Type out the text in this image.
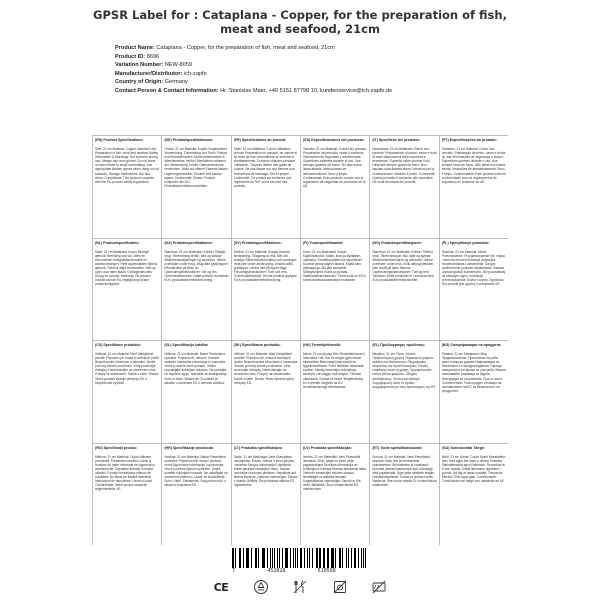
GPSR Label for : Cataplana - Copper, for the preparation of fish,
meat and seafood, 21cm
Product Name: Cataplana - Copper, for the preparation of fish, meat and seafood, 21cm
Product ID: 8696
Variation Number: NEW-8059
Manufacturer/Distributor: ich-zapfe
Country of Origin: Germany
Contact Person & Contact Information: Hr. Stanislav Maer, +49 5151 87798 10, kundenservice@ich-zapfe.de
(EN) Product Specifications:
Size: 21 cm Material: Copper Intended Use: Preparation of fish, meat and seafood Safety Information & Warnings: Hot surfaces during use. Always use oven gloves. Do not leave on open flame to avoid overheating. Use appropriate kitchen gloves when using on hot surfaces. Storage Instructions: Dry and clean. Compliance: This product complies with the EU product safety regulations.
(DE) Produktspezifikationen:
Größe: 21 cm Material: Kupfer Vorgesehene Verwendung: Zubereitung von Fisch, Fleisch und Meeresfrüchten Sicherheitshinweise & Warnhinweise: Heiße Oberflächen während der Verwendung. Immer Ofenhandschuhe verwenden. Nicht auf offener Flamme lassen. Lagerungshinweise: Trocken und sauber lagern. Konformität: Dieses Produkt entspricht den EU-Produktsicherheitsvorschriften.
(FR) Spécifications du produit:
Taille: 21 cm Matériau: Cuivre Utilisation prévue: Préparation de poisson, de viande et de fruits de mer Informations de sécurité et avertissements: Surfaces chaudes pendant l'utilisation. Toujours utiliser des gants de cuisine. Ne pas laisser sur une flamme nue. Instructions de stockage: Sec et propre. Conformité: Ce produit est conforme aux règlements de l'UE sur la sécurité des produits.
(ES) Especificaciones del producto:
Tamaño: 21 cm Material: Cobre Uso previsto: Preparación de pescado, carne y mariscos Información de seguridad y advertencias: Superficies calientes durante el uso. Use siempre guantes de horno. No deje sobre llama abierta. Instrucciones de almacenamiento: Seco y limpio. Conformidad: Este producto cumple con el reglamento de seguridad de productos de la UE.
(IT) Specifiche del prodotto:
Dimensioni: 21 cm Materiale: Rame Uso previsto: Preparazione di pesce, carne e frutti di mare Informazioni sulla sicurezza e avvertenze: Superfici calde durante l'uso. Utilizzare sempre guanti da forno. Non lasciare sulla fiamma libera. Istruzioni per la conservazione: Asciutto e pulito. Conformità: Questo prodotto è conforme alle normative UE sulla sicurezza dei prodotti.
(PT) Especificações do produto:
Tamanho: 21 cm Material: Cobre Uso previsto: Preparação de peixe, carne e frutos do mar Informações de segurança e avisos: Superfícies quentes durante o uso. Use sempre luvas de forno. Não deixe em chama aberta. Instruções de armazenamento: Seco e limpo. Conformidade: Este produto está em conformidade com os regulamentos de segurança de produtos da UE.
(NL) Productspecificaties:
Maat: 21 cm Materiaal: Koper Beoogd gebruik: Bereiding van vis, vlees en zeevruchten Veiligheidsinformatie en waarschuwingen: Hete oppervlakken tijdens gebruik. Gebruik altijd ovenwanten. Niet op open vuur laten staan. Opslaginstructies: Droog en schoon. Naleving: Dit product voldoet aan de EU-regelgeving inzake productveiligheid.
(DA) Produktspecifikationer:
Størrelse: 21 cm Materiale: Kobber Tilsigtet brug: Tilberedning af fisk, kød og skaldyr Sikkerhedsoplysninger og advarsler: Varme overflader under brug. Brug altid grydelapper. Efterlad ikke på åben ild. Opbevaringsinstruktioner: Tør og ren. Overensstemmelse: Dette produkt overholder EU's produktsikkerhedsforordning.
(SV) Produktspecifikationer:
Storlek: 21 cm Material: Koppar Avsedd användning: Tillagning av fisk, kött och skaldjur Säkerhetsinformation och varningar: Heta ytor under användning. Använd alltid grytlappar. Lämna inte på öppen låga. Förvaringsinstruktioner: Torrt och rent. Överensstämmelse: Denna produkt uppfyller EU:s produktsäkerhetsförordning.
(FI) Tuotespesifikaatiot:
Koko: 21 cm Materiaali: Kupari Käyttötarkoitus: Kalan, lihan ja äyriäisten valmistus Turvallisuustiedot ja varoitukset: Kuumat pinnat käytön aikana. Käytä aina patalappuja. Älä jätä avotulelle. Säilytysohjeet: Kuiva ja puhdas. Vaatimustenmukaisuus: Tämä tuote on EU:n tuoteturvallisuusasetuksen mukainen.
(NO) Produktspesifikasjoner:
Størrelse: 21 cm Materiale: Kobber Tiltenkt bruk: Tilberedning av fisk, kjøtt og sjømat Sikkerhetsinformasjon og advarsler: Varme overflater under bruk. Bruk alltid grytekluter. Ikke la stå på åpen flamme. Oppbevaringsinstruksjoner: Tørt og rent. Samsvar: Dette produktet er i samsvar med EUs produktsikkerhetsforskrifter.
(PL) Specyfikacje produktu:
Rozmiar: 21 cm Materiał: Miedź Przeznaczenie: Przygotowywanie ryb, mięsa i owoców morza Informacje dotyczące bezpieczeństwa i ostrzeżenia: Gorące powierzchnie podczas użytkowania. Zawsze używaj rękawic kuchennych. Nie pozostawiaj na otwartym ogniu. Instrukcje przechowywania: Sucho i czysto. Zgodność: Ten produkt jest zgodny z przepisami UE.
(CS) Specifikace produktu:
Velikost: 21 cm Materiál: Měď Zamýšlené použití: Příprava ryb, masa a mořských plodů Bezpečnostní informace a varování: Horké povrchy během používání. Vždy používejte chňapky. Nenechávejte na otevřeném ohni. Pokyny ke skladování: Suché a čisté. Shoda: Tento výrobek splňuje předpisy EU o bezpečnosti výrobků.
(SL) Specifikacije izdelka:
Velikost: 21 cm Material: Baker Predvidena uporaba: Priprava rib, mesa in morskih sadežev Varnostne informacije in opozorila: Vroče površine med uporabo. Vedno uporabljajte kuhinjske rokavice. Ne puščajte na odprtem ognju. Navodila za shranjevanje: Suho in čisto. Skladnost: Ta izdelek je skladen z uredbami EU o varnosti izdelkov.
(SK) Špecifikácie produktu:
Veľkosť: 21 cm Materiál: Meď Zamýšľané použitie: Príprava rýb, mäsa a morských plodov Bezpečnostné informácie a varovania: Horúce povrchy počas používania. Vždy používajte chňapky. Nenechávajte na otvorenom ohni. Pokyny na skladovanie: Suché a čisté. Zhoda: Tento výrobok spĺňa predpisy EÚ.
(HU) Termékjellemzők:
Méret: 21 cm Anyag: Réz Rendeltetésszerű használat: Hal, hús és tenger gyümölcsei elkészítése Biztonsági információk és figyelmeztetések: Forró felületek használat közben. Mindig használjon edényfogó kesztyűt. Ne hagyja nyílt lángon. Tárolási utasítások: Száraz és tiszta. Megfelelőség: Ez a termék megfelel az EU termékbiztonsági előírásainak.
(EL) Προδιαγραφές προϊόντος:
Μέγεθος: 21 cm Υλικό: Χαλκός Προβλεπόμενη χρήση: Παρασκευή ψαριών, κρέατος και θαλασσινών Πληροφορίες ασφαλείας και προειδοποιήσεις: Καυτές επιφάνειες κατά τη χρήση. Χρησιμοποιείτε πάντα γάντια φούρνου. Οδηγίες αποθήκευσης: Στεγνό και καθαρό. Συμμόρφωση: Αυτό το προϊόν συμμορφώνεται με τους κανονισμούς της ΕΕ.
(BG) Спецификации на продукта:
Размер: 21 cm Материал: Мед Предназначение: Приготвяне на риба, месо и морски дарове Информация за безопасност и предупреждения: Горещи повърхности по време на употреба. Винаги използвайте ръкавици за фурна. Инструкции за съхранение: Сухо и чисто. Съответствие: Този продукт отговаря на регламентите на ЕС за безопасност на продуктите.
(RO) Specificații produs:
Mărime: 21 cm Material: Cupru Utilizare prevăzută: Prepararea peștelui, cărnii și fructelor de mare Informații de siguranță și avertismente: Suprafețe fierbinți în timpul utilizării. Folosiți întotdeauna mănuși de bucătărie. Nu lăsați pe flacără deschisă. Instrucțiuni de depozitare: Uscat și curat. Conformitate: Acest produs respectă reglementările UE.
(HR) Specifikacije proizvoda:
Veličina: 21 cm Materijal: Bakar Predviđena upotreba: Priprema ribe, mesa i plodova mora Sigurnosne informacije i upozorenja: Vruće površine tijekom upotrebe. Uvijek koristite kuhinjske rukavice. Ne ostavljajte na otvorenom plamenu. Upute za skladištenje: Suho i čisto. Sukladnost: Ovaj proizvod je u skladu s propisima EU.
(LT) Produkto specifikacijos:
Dydis: 21 cm Medžiaga: Varis Numatytas naudojimas: Žuvies, mėsos ir jūros gėrybių ruošimas Saugos informacija ir įspėjimai: Karšti paviršiai naudojimo metu. Visada naudokite virtuvines pirštines. Nepalikite ant atviros liepsnos. Laikymo instrukcijos: Sausai ir švariai. Atitiktis: Šis produktas atitinka ES reglamentus.
(LV) Produkta specifikācijas:
Izmērs: 21 cm Materiāls: Varš Paredzētā lietošana: Zivju, gaļas un jūras velšu pagatavošana Drošības informācija un brīdinājumi: Karstas virsmas lietošanas laikā. Vienmēr izmantojiet virtuves cimdus. Neatstājiet uz atklātas liesmas. Uzglabāšanas instrukcijas: Sausā un tīrā vietā. Atbilstība: Šis produkts atbilst ES noteikumiem.
(ET) Toote spetsifikatsioonid:
Suurus: 21 cm Materjal: Vask Ettenähtud kasutus: Kala, liha ja mereandide valmistamine Ohutusteave ja hoiatused: Kuumad pinnad kasutamise ajal. Kasutage alati pajakindaid. Ärge jätke lahtisele leegile. Hoiustamisjuhised: Kuivas ja puhtas kohas. Vastavus: See toode vastab ELi tooteohutuse määrustele.
(GA) Sonraíochtaí Táirge:
Méid: 21 cm Ábhar: Copar Úsáid Bheartaithe: Iasc, feoil agus bia mara a ullmhú Faisnéis Sábháilteachta agus Rabhaidh: Dromchlaí te le linn úsáide. Úsáid lámhainní oigheann i gcónaí. Ná fág ar lasair oscailte. Treoracha Stórála: Tirim agus glan. Comhlíonadh: Comhlíonann an táirge seo rialacháin an AE.
7	452028	510598
CE
